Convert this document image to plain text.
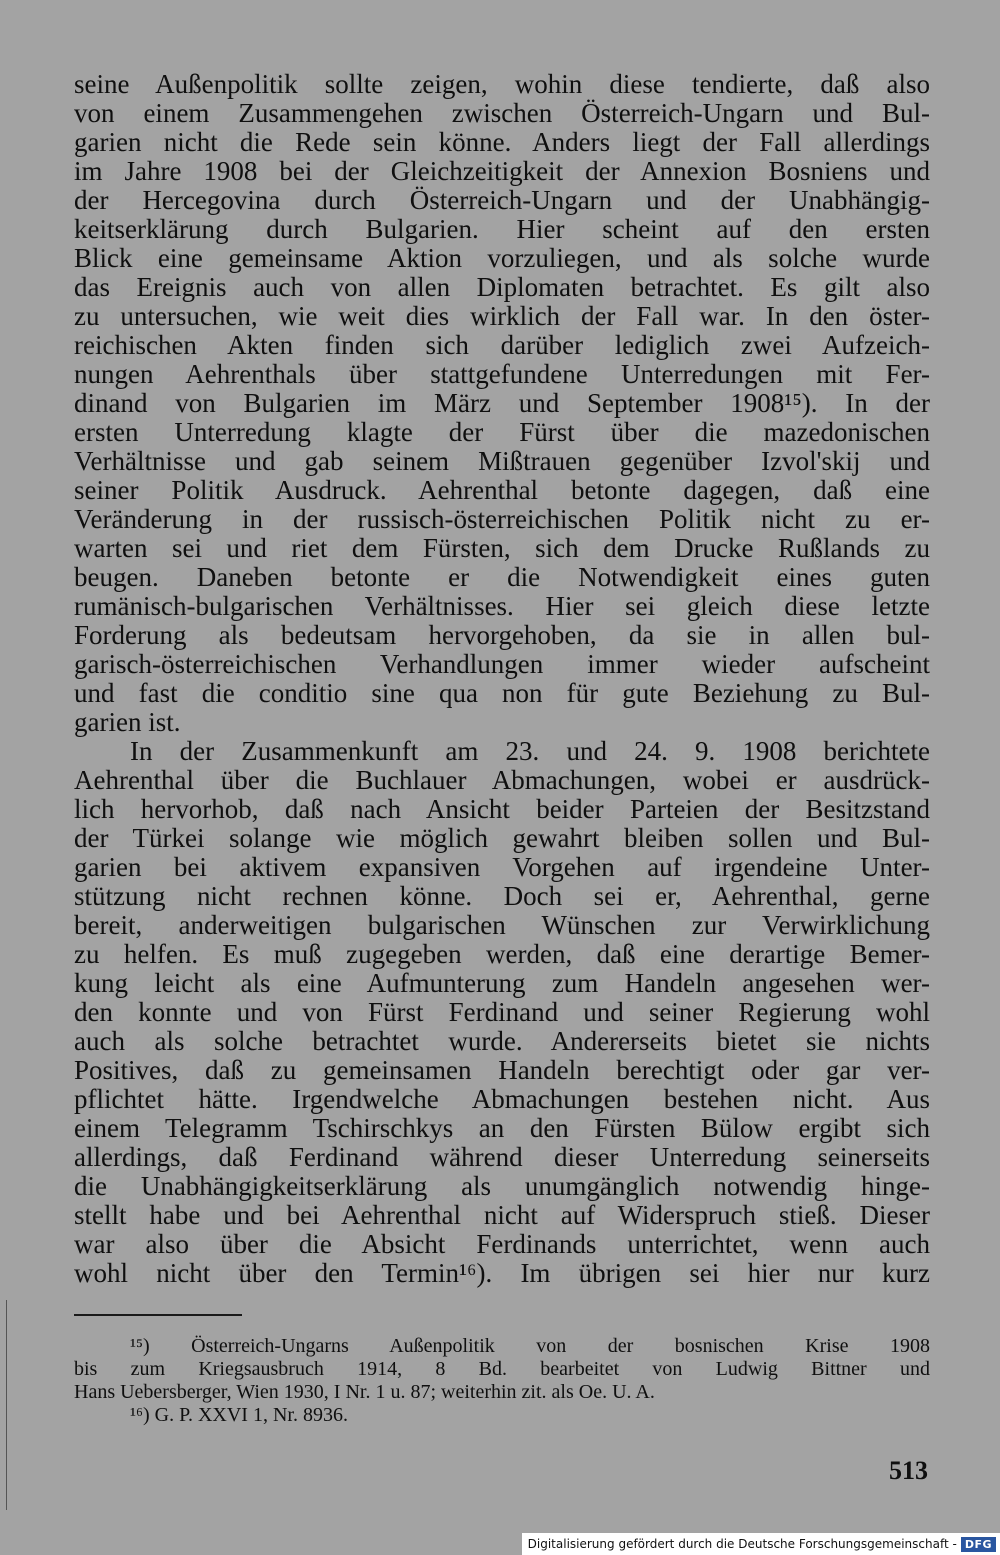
seine Außenpolitik sollte zeigen, wohin diese tendierte, daß also
von einem Zusammengehen zwischen Österreich-Ungarn und Bul-
garien nicht die Rede sein könne. Anders liegt der Fall allerdings
im Jahre 1908 bei der Gleichzeitigkeit der Annexion Bosniens und
der Hercegovina durch Österreich-Ungarn und der Unabhängig-
keitserklärung durch Bulgarien. Hier scheint auf den ersten
Blick eine gemeinsame Aktion vorzuliegen, und als solche wurde
das Ereignis auch von allen Diplomaten betrachtet. Es gilt also
zu untersuchen, wie weit dies wirklich der Fall war. In den öster-
reichischen Akten finden sich darüber lediglich zwei Aufzeich-
nungen Aehrenthals über stattgefundene Unterredungen mit Fer-
dinand von Bulgarien im März und September 1908¹⁵). In der
ersten Unterredung klagte der Fürst über die mazedonischen
Verhältnisse und gab seinem Mißtrauen gegenüber Izvol'skij und
seiner Politik Ausdruck. Aehrenthal betonte dagegen, daß eine
Veränderung in der russisch-österreichischen Politik nicht zu er-
warten sei und riet dem Fürsten, sich dem Drucke Rußlands zu
beugen. Daneben betonte er die Notwendigkeit eines guten
rumänisch-bulgarischen Verhältnisses. Hier sei gleich diese letzte
Forderung als bedeutsam hervorgehoben, da sie in allen bul-
garisch-österreichischen Verhandlungen immer wieder aufscheint
und fast die conditio sine qua non für gute Beziehung zu Bul-
garien ist.

In der Zusammenkunft am 23. und 24. 9. 1908 berichtete
Aehrenthal über die Buchlauer Abmachungen, wobei er ausdrück-
lich hervorhob, daß nach Ansicht beider Parteien der Besitzstand
der Türkei solange wie möglich gewahrt bleiben sollen und Bul-
garien bei aktivem expansiven Vorgehen auf irgendeine Unter-
stützung nicht rechnen könne. Doch sei er, Aehrenthal, gerne
bereit, anderweitigen bulgarischen Wünschen zur Verwirklichung
zu helfen. Es muß zugegeben werden, daß eine derartige Bemer-
kung leicht als eine Aufmunterung zum Handeln angesehen wer-
den konnte und von Fürst Ferdinand und seiner Regierung wohl
auch als solche betrachtet wurde. Andererseits bietet sie nichts
Positives, daß zu gemeinsamen Handeln berechtigt oder gar ver-
pflichtet hätte. Irgendwelche Abmachungen bestehen nicht. Aus
einem Telegramm Tschirschkys an den Fürsten Bülow ergibt sich
allerdings, daß Ferdinand während dieser Unterredung seinerseits
die Unabhängigkeitserklärung als unumgänglich notwendig hinge-
stellt habe und bei Aehrenthal nicht auf Widerspruch stieß. Dieser
war also über die Absicht Ferdinands unterrichtet, wenn auch
wohl nicht über den Termin¹⁶). Im übrigen sei hier nur kurz

¹⁵) Österreich-Ungarns Außenpolitik von der bosnischen Krise 1908
bis zum Kriegsausbruch 1914, 8 Bd. bearbeitet von Ludwig Bittner und
Hans Uebersberger, Wien 1930, I Nr. 1 u. 87; weiterhin zit. als Oe. U. A.
¹⁶) G. P. XXVI 1, Nr. 8936.
513
Digitalisierung gefördert durch die Deutsche Forschungsgemeinschaft - DFG
